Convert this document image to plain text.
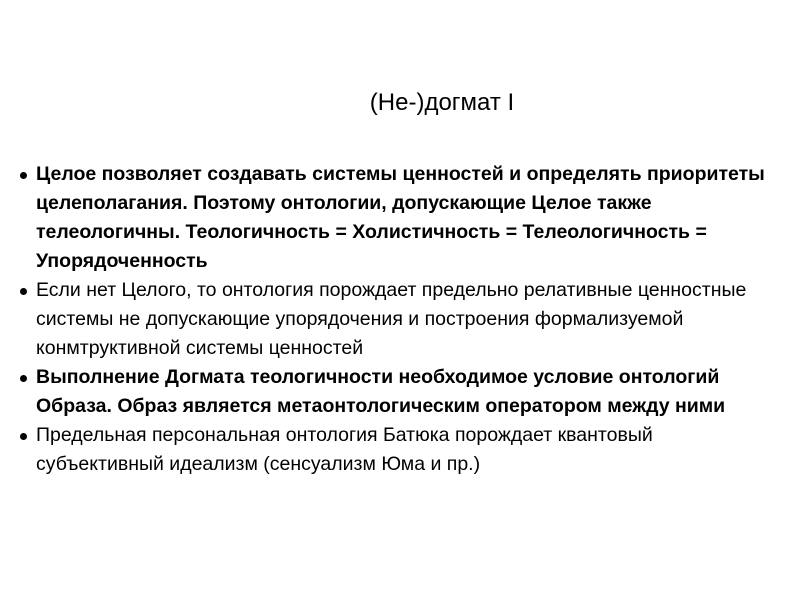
(Не-)догмат I
Целое позволяет создавать системы ценностей и определять приоритеты целеполагания. Поэтому онтологии, допускающие Целое также телеологичны. Теологичность = Холистичность = Телеологичность = Упорядоченность
Если нет Целого, то онтология порождает предельно релативные ценностные системы не допускающие упорядочения и построения формализуемой конмтруктивной системы ценностей
Выполнение Догмата теологичности необходимое условие онтологий Образа. Образ является метаонтологическим оператором между ними
Предельная персональная онтология Батюка порождает квантовый субъективный идеализм (сенсуализм Юма и пр.)
